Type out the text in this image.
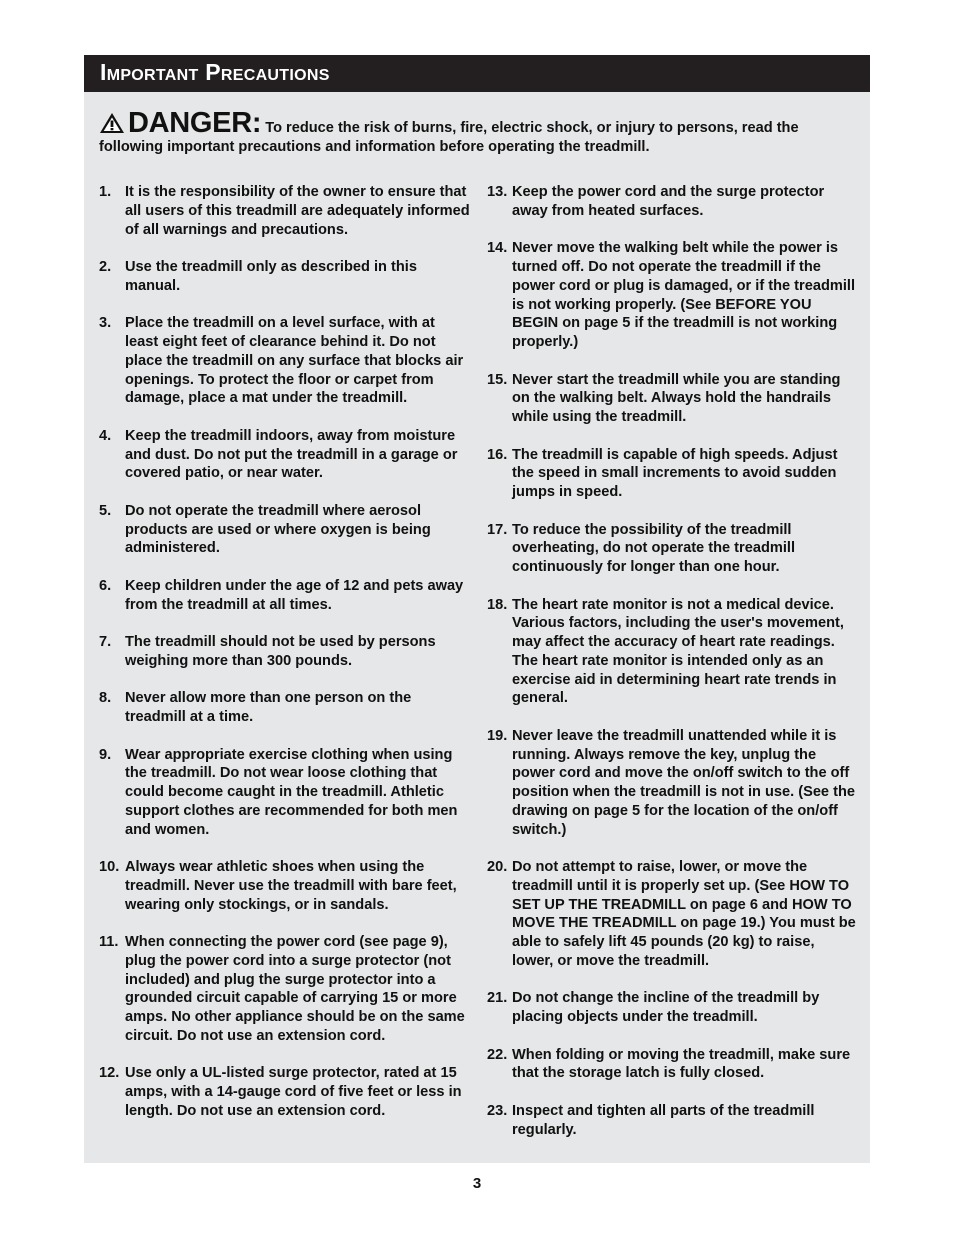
Important Precautions
DANGER: To reduce the risk of burns, fire, electric shock, or injury to persons, read the following important precautions and information before operating the treadmill.
1. It is the responsibility of the owner to ensure that all users of this treadmill are adequately informed of all warnings and precautions.
2. Use the treadmill only as described in this manual.
3. Place the treadmill on a level surface, with at least eight feet of clearance behind it. Do not place the treadmill on any surface that blocks air openings. To protect the floor or carpet from damage, place a mat under the treadmill.
4. Keep the treadmill indoors, away from moisture and dust. Do not put the treadmill in a garage or covered patio, or near water.
5. Do not operate the treadmill where aerosol products are used or where oxygen is being administered.
6. Keep children under the age of 12 and pets away from the treadmill at all times.
7. The treadmill should not be used by persons weighing more than 300 pounds.
8. Never allow more than one person on the treadmill at a time.
9. Wear appropriate exercise clothing when using the treadmill. Do not wear loose clothing that could become caught in the treadmill. Athletic support clothes are recommended for both men and women.
10. Always wear athletic shoes when using the treadmill. Never use the treadmill with bare feet, wearing only stockings, or in sandals.
11. When connecting the power cord (see page 9), plug the power cord into a surge protector (not included) and plug the surge protector into a grounded circuit capable of carrying 15 or more amps. No other appliance should be on the same circuit. Do not use an extension cord.
12. Use only a UL-listed surge protector, rated at 15 amps, with a 14-gauge cord of five feet or less in length. Do not use an extension cord.
13. Keep the power cord and the surge protector away from heated surfaces.
14. Never move the walking belt while the power is turned off. Do not operate the treadmill if the power cord or plug is damaged, or if the treadmill is not working properly. (See BEFORE YOU BEGIN on page 5 if the treadmill is not working properly.)
15. Never start the treadmill while you are standing on the walking belt. Always hold the handrails while using the treadmill.
16. The treadmill is capable of high speeds. Adjust the speed in small increments to avoid sudden jumps in speed.
17. To reduce the possibility of the treadmill overheating, do not operate the treadmill continuously for longer than one hour.
18. The heart rate monitor is not a medical device. Various factors, including the user's movement, may affect the accuracy of heart rate readings. The heart rate monitor is intended only as an exercise aid in determining heart rate trends in general.
19. Never leave the treadmill unattended while it is running. Always remove the key, unplug the power cord and move the on/off switch to the off position when the treadmill is not in use. (See the drawing on page 5 for the location of the on/off switch.)
20. Do not attempt to raise, lower, or move the treadmill until it is properly set up. (See HOW TO SET UP THE TREADMILL on page 6 and HOW TO MOVE THE TREADMILL on page 19.) You must be able to safely lift 45 pounds (20 kg) to raise, lower, or move the treadmill.
21. Do not change the incline of the treadmill by placing objects under the treadmill.
22. When folding or moving the treadmill, make sure that the storage latch is fully closed.
23. Inspect and tighten all parts of the treadmill regularly.
3
